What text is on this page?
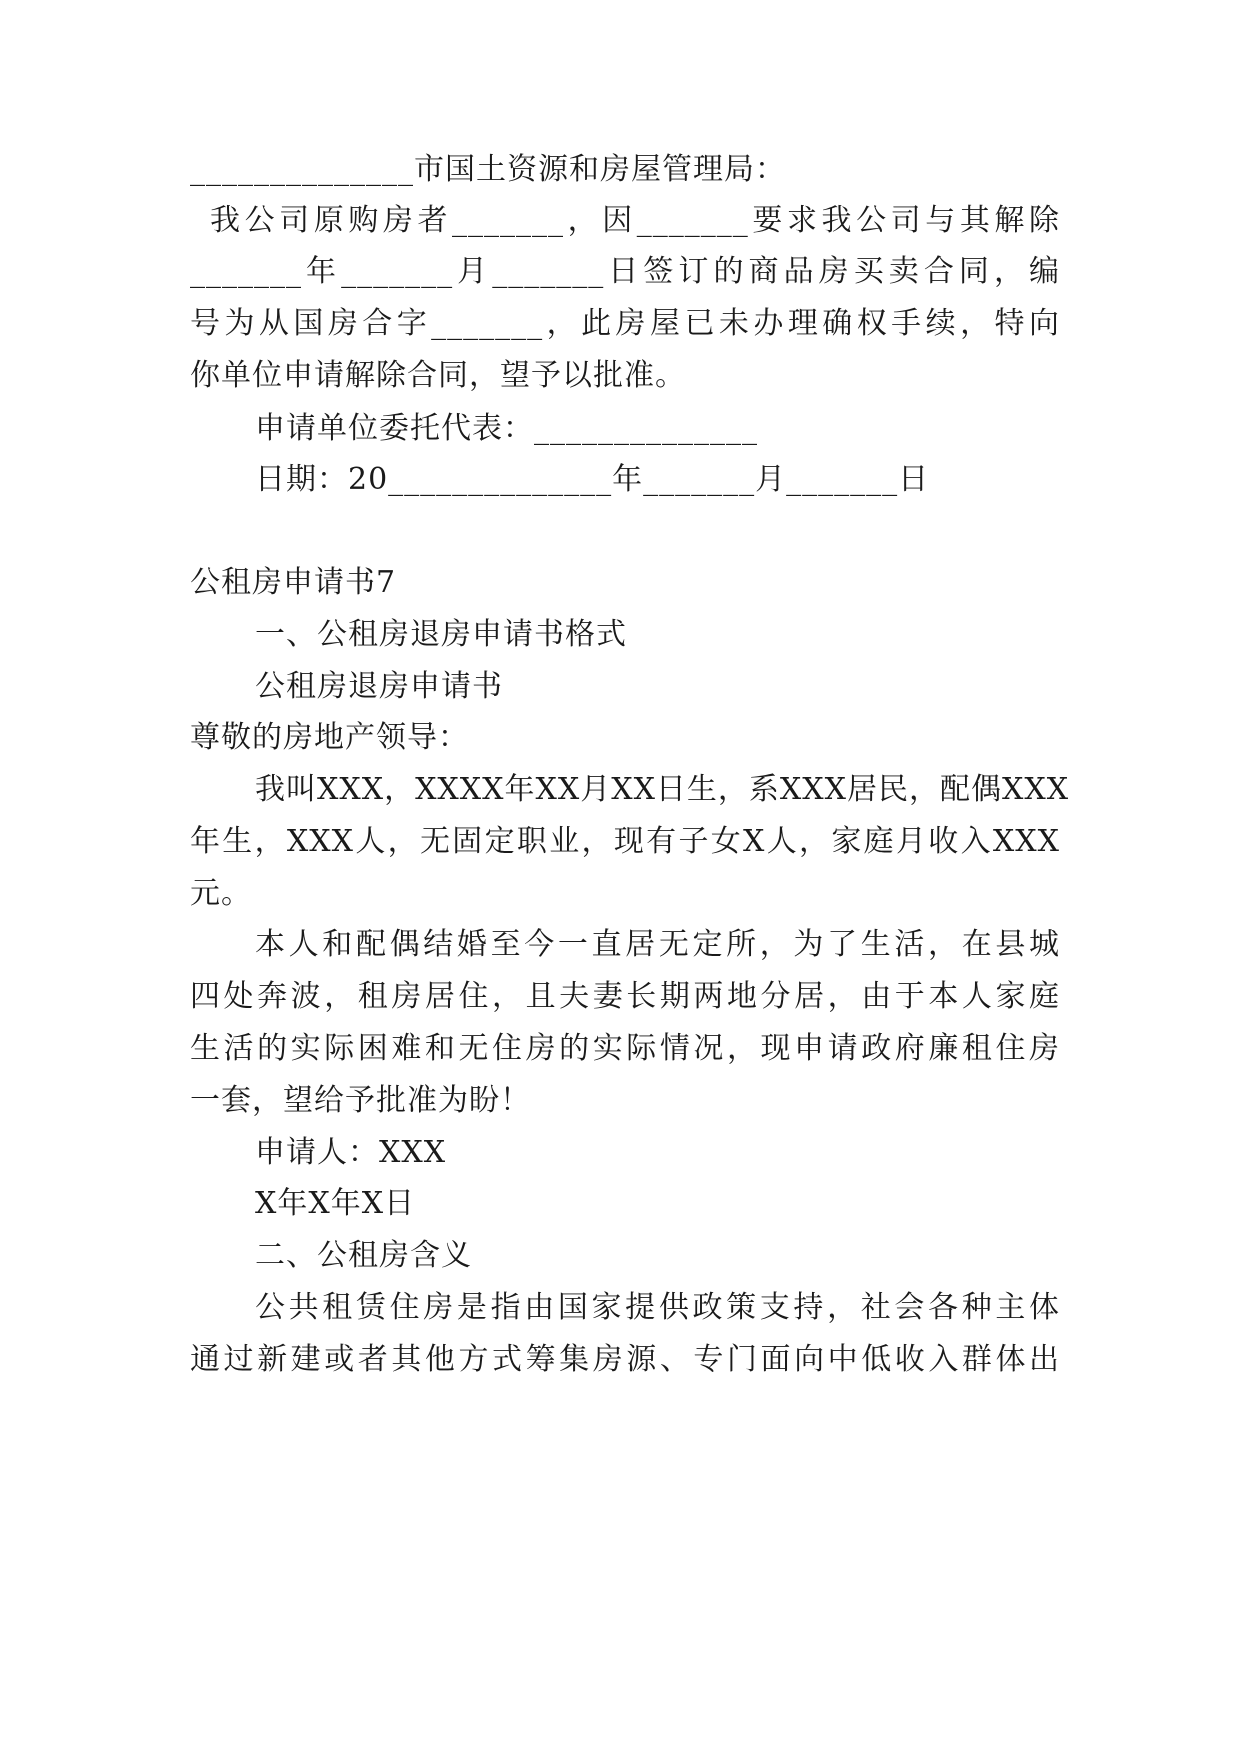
______________市国土资源和房屋管理局：
我公司原购房者_______，因_______要求我公司与其解除
_______年_______月_______日签订的商品房买卖合同，编
号为从国房合字_______，此房屋已未办理确权手续，特向
你单位申请解除合同，望予以批准。
申请单位委托代表：______________
日期：20______________年_______月_______日
公租房申请书7
一、公租房退房申请书格式
公租房退房申请书
尊敬的房地产领导：
我叫XXX，XXXX年XX月XX日生，系XXX居民，配偶XXX
年生，XXX人，无固定职业，现有子女X人，家庭月收入XXX
元。
本人和配偶结婚至今一直居无定所，为了生活，在县城
四处奔波，租房居住，且夫妻长期两地分居，由于本人家庭
生活的实际困难和无住房的实际情况，现申请政府廉租住房
一套，望给予批准为盼！
申请人：XXX
X年X年X日
二、公租房含义
公共租赁住房是指由国家提供政策支持，社会各种主体
通过新建或者其他方式筹集房源、专门面向中低收入群体出
